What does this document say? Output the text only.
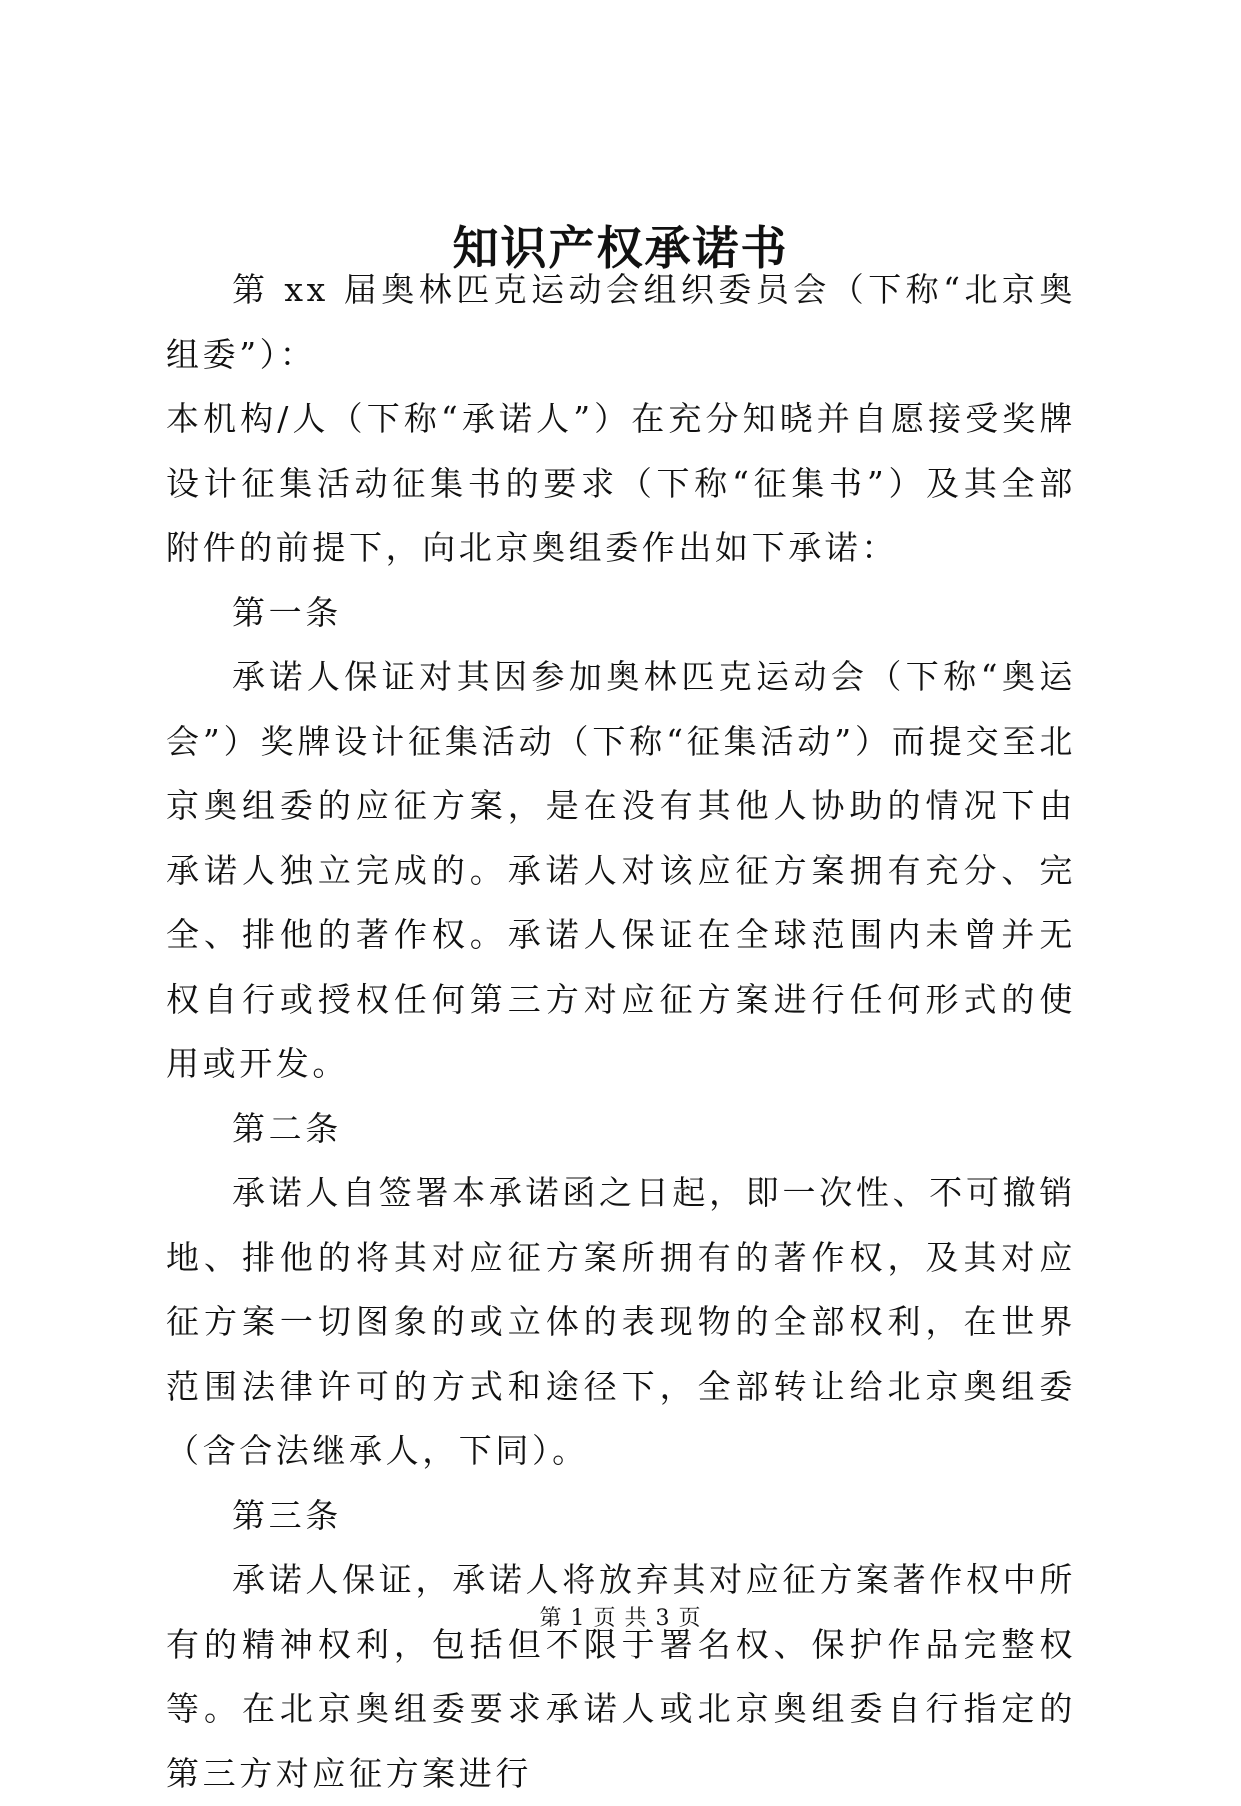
知识产权承诺书

第 xx 届奥林匹克运动会组织委员会（下称“北京奥组委”）：

本机构/人（下称“承诺人”）在充分知晓并自愿接受奖牌设计征集活动征集书的要求（下称“征集书”）及其全部附件的前提下，向北京奥组委作出如下承诺：

第一条

承诺人保证对其因参加奥林匹克运动会（下称“奥运会”）奖牌设计征集活动（下称“征集活动”）而提交至北京奥组委的应征方案，是在没有其他人协助的情况下由承诺人独立完成的。承诺人对该应征方案拥有充分、完全、排他的著作权。承诺人保证在全球范围内未曾并无权自行或授权任何第三方对应征方案进行任何形式的使用或开发。

第二条

承诺人自签署本承诺函之日起，即一次性、不可撤销地、排他的将其对应征方案所拥有的著作权，及其对应征方案一切图象的或立体的表现物的全部权利，在世界范围法律许可的方式和途径下，全部转让给北京奥组委（含合法继承人，下同）。

第三条

承诺人保证，承诺人将放弃其对应征方案著作权中所有的精神权利，包括但不限于署名权、保护作品完整权等。在北京奥组委要求承诺人或北京奥组委自行指定的第三方对应征方案进行

第 1 页 共 3 页
